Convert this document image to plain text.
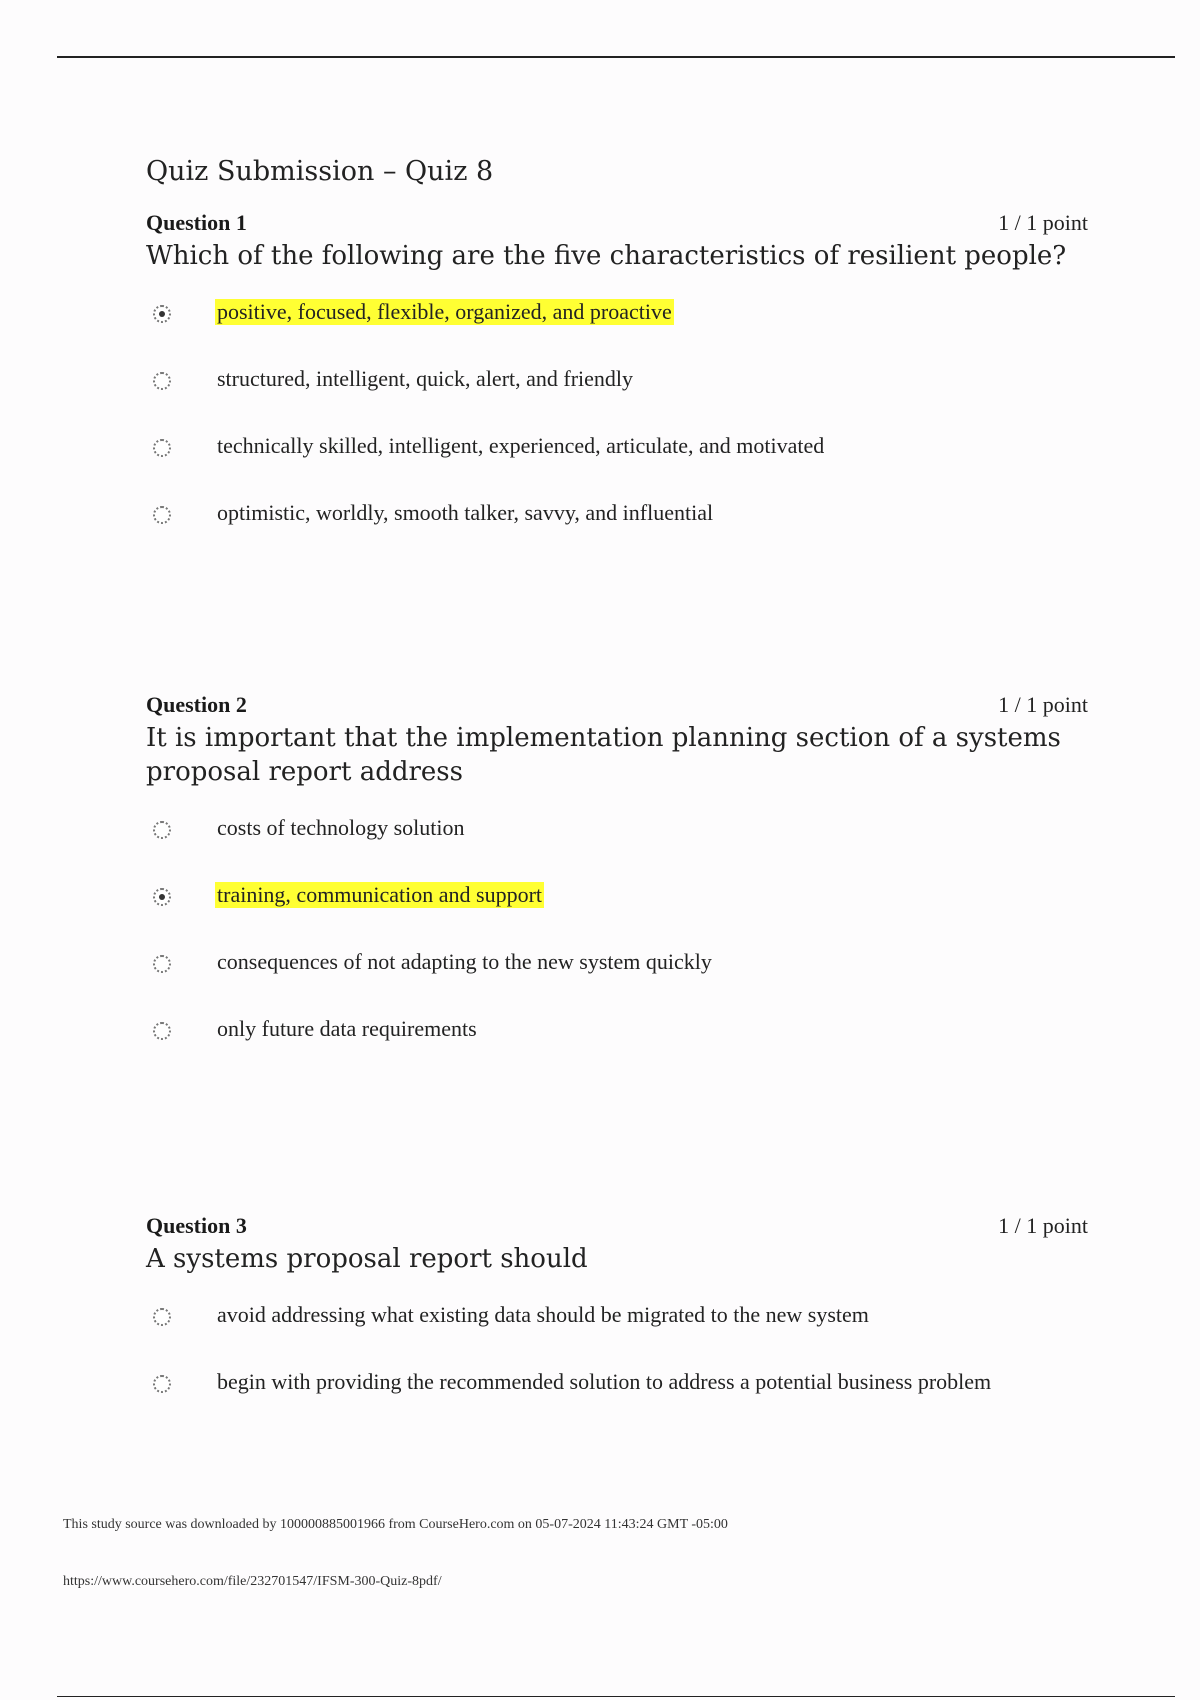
Quiz Submission – Quiz 8
Question 1	1 / 1 point
Which of the following are the five characteristics of resilient people?
positive, focused, flexible, organized, and proactive
structured, intelligent, quick, alert, and friendly
technically skilled, intelligent, experienced, articulate, and motivated
optimistic, worldly, smooth talker, savvy, and influential
Question 2	1 / 1 point
It is important that the implementation planning section of a systems proposal report address
costs of technology solution
training, communication and support
consequences of not adapting to the new system quickly
only future data requirements
Question 3	1 / 1 point
A systems proposal report should
avoid addressing what existing data should be migrated to the new system
begin with providing the recommended solution to address a potential business problem
This study source was downloaded by 100000885001966 from CourseHero.com on 05-07-2024 11:43:24 GMT -05:00
https://www.coursehero.com/file/232701547/IFSM-300-Quiz-8pdf/
